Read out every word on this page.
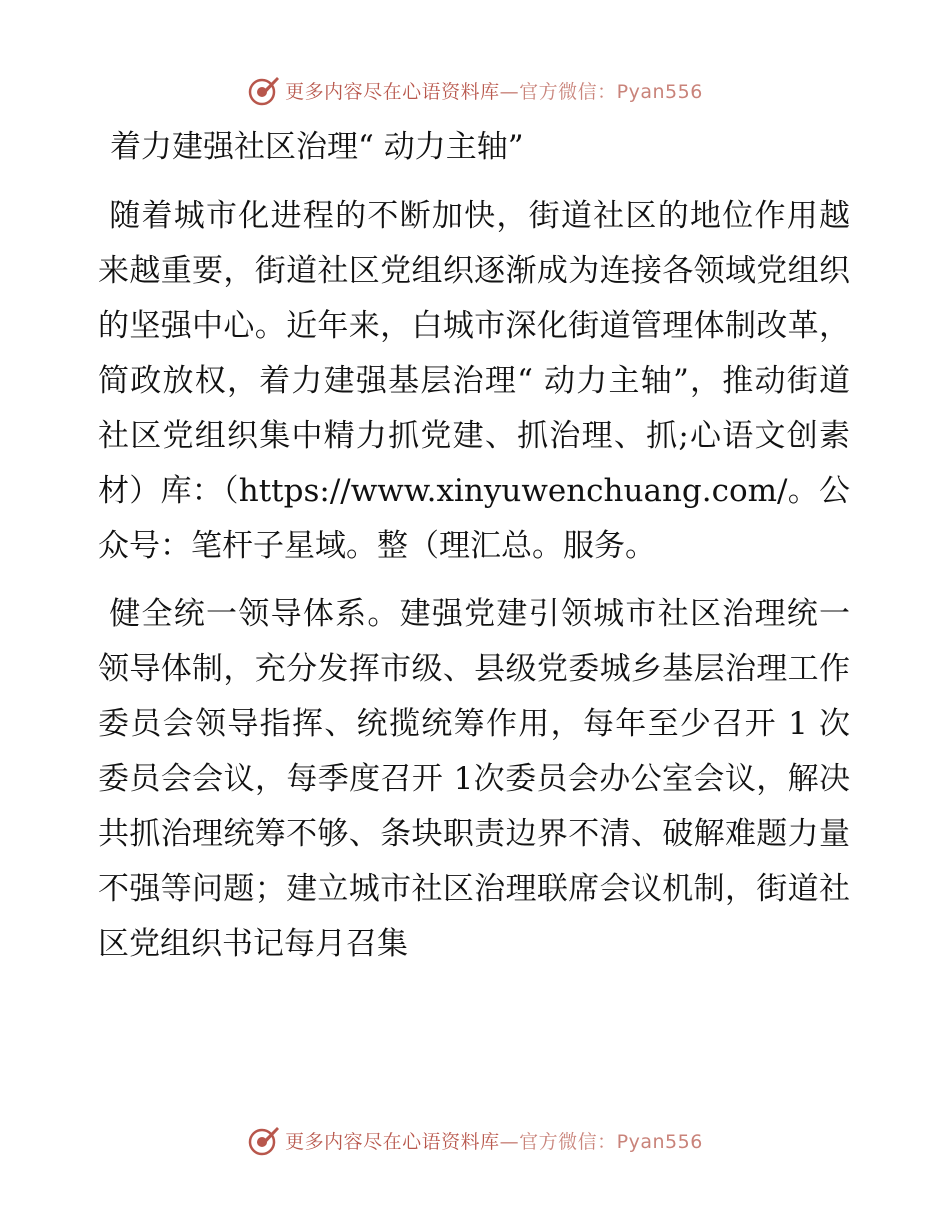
更多内容尽在心语资料库—官方微信：Pyan556
着力建强社区治理“ 动力主轴”

随着城市化进程的不断加快，街道社区的地位作用越来越重要，街道社区党组织逐渐成为连接各领域党组织的坚强中心。近年来，白城市深化街道管理体制改革，简政放权，着力建强基层治理“ 动力主轴”，推动街道社区党组织集中精力抓党建、抓治理、抓;心语文创素材）库：（https://www.xinyuwenchuang.com/。公众号：笔杆子星域。整（理汇总。服务。

健全统一领导体系。建强党建引领城市社区治理统一领导体制，充分发挥市级、县级党委城乡基层治理工作委员会领导指挥、统揽统筹作用，每年至少召开 1 次委员会会议，每季度召开 1次委员会办公室会议，解决共抓治理统筹不够、条块职责边界不清、破解难题力量不强等问题；建立城市社区治理联席会议机制，街道社区党组织书记每月召集

更多内容尽在心语资料库—官方微信：Pyan556
